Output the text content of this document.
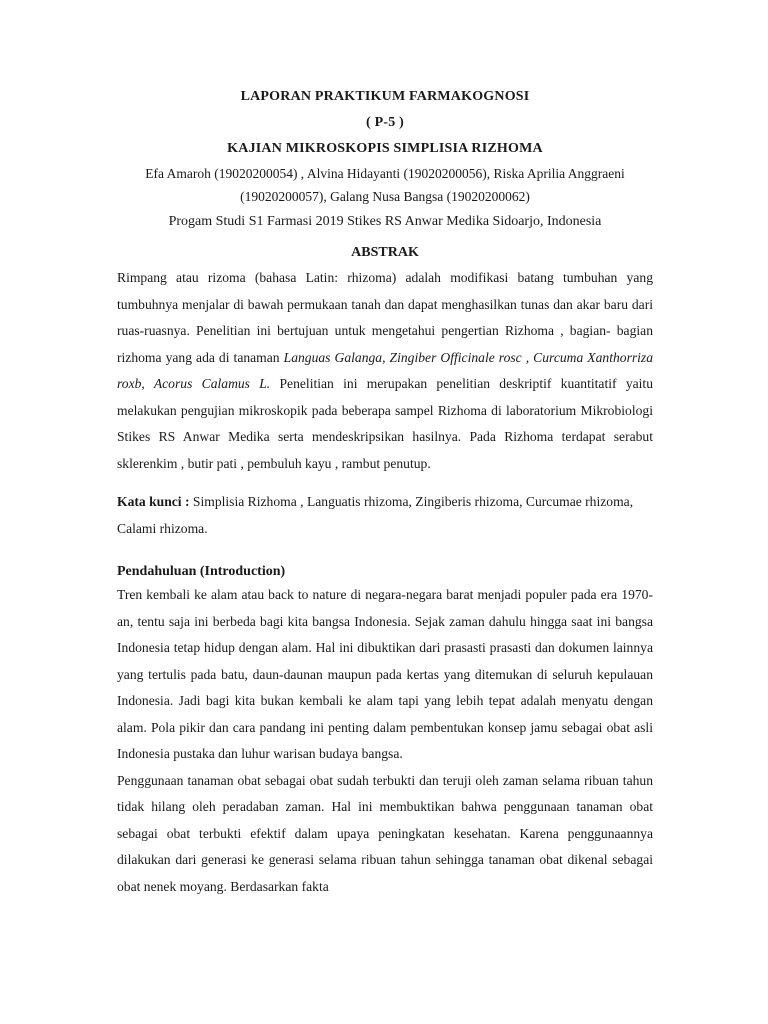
LAPORAN PRAKTIKUM FARMAKOGNOSI
( P-5 )
KAJIAN MIKROSKOPIS SIMPLISIA RIZHOMA
Efa Amaroh (19020200054) , Alvina Hidayanti (19020200056), Riska Aprilia Anggraeni
(19020200057), Galang Nusa Bangsa (19020200062)
Progam Studi S1 Farmasi 2019 Stikes RS Anwar Medika Sidoarjo, Indonesia
ABSTRAK

Rimpang atau rizoma (bahasa Latin: rhizoma) adalah modifikasi batang tumbuhan yang tumbuhnya menjalar di bawah permukaan tanah dan dapat menghasilkan tunas dan akar baru dari ruas-ruasnya. Penelitian ini bertujuan untuk mengetahui pengertian Rizhoma , bagian- bagian rizhoma yang ada di tanaman Languas Galanga, Zingiber Officinale rosc , Curcuma Xanthorriza roxb, Acorus Calamus L. Penelitian ini merupakan penelitian deskriptif kuantitatif yaitu melakukan pengujian mikroskopik pada beberapa sampel Rizhoma di laboratorium Mikrobiologi Stikes RS Anwar Medika serta mendeskripsikan hasilnya. Pada Rizhoma terdapat serabut sklerenkim , butir pati , pembuluh kayu , rambut penutup.

Kata kunci : Simplisia Rizhoma , Languatis rhizoma, Zingiberis rhizoma, Curcumae rhizoma, Calami rhizoma.
Pendahuluan (Introduction)

Tren kembali ke alam atau back to nature di negara-negara barat menjadi populer pada era 1970-an, tentu saja ini berbeda bagi kita bangsa Indonesia. Sejak zaman dahulu hingga saat ini bangsa Indonesia tetap hidup dengan alam. Hal ini dibuktikan dari prasasti prasasti dan dokumen lainnya yang tertulis pada batu, daun-daunan maupun pada kertas yang ditemukan di seluruh kepulauan Indonesia. Jadi bagi kita bukan kembali ke alam tapi yang lebih tepat adalah menyatu dengan alam. Pola pikir dan cara pandang ini penting dalam pembentukan konsep jamu sebagai obat asli Indonesia pustaka dan luhur warisan budaya bangsa.

Penggunaan tanaman obat sebagai obat sudah terbukti dan teruji oleh zaman selama ribuan tahun tidak hilang oleh peradaban zaman. Hal ini membuktikan bahwa penggunaan tanaman obat sebagai obat terbukti efektif dalam upaya peningkatan kesehatan. Karena penggunaannya dilakukan dari generasi ke generasi selama ribuan tahun sehingga tanaman obat dikenal sebagai obat nenek moyang. Berdasarkan fakta
